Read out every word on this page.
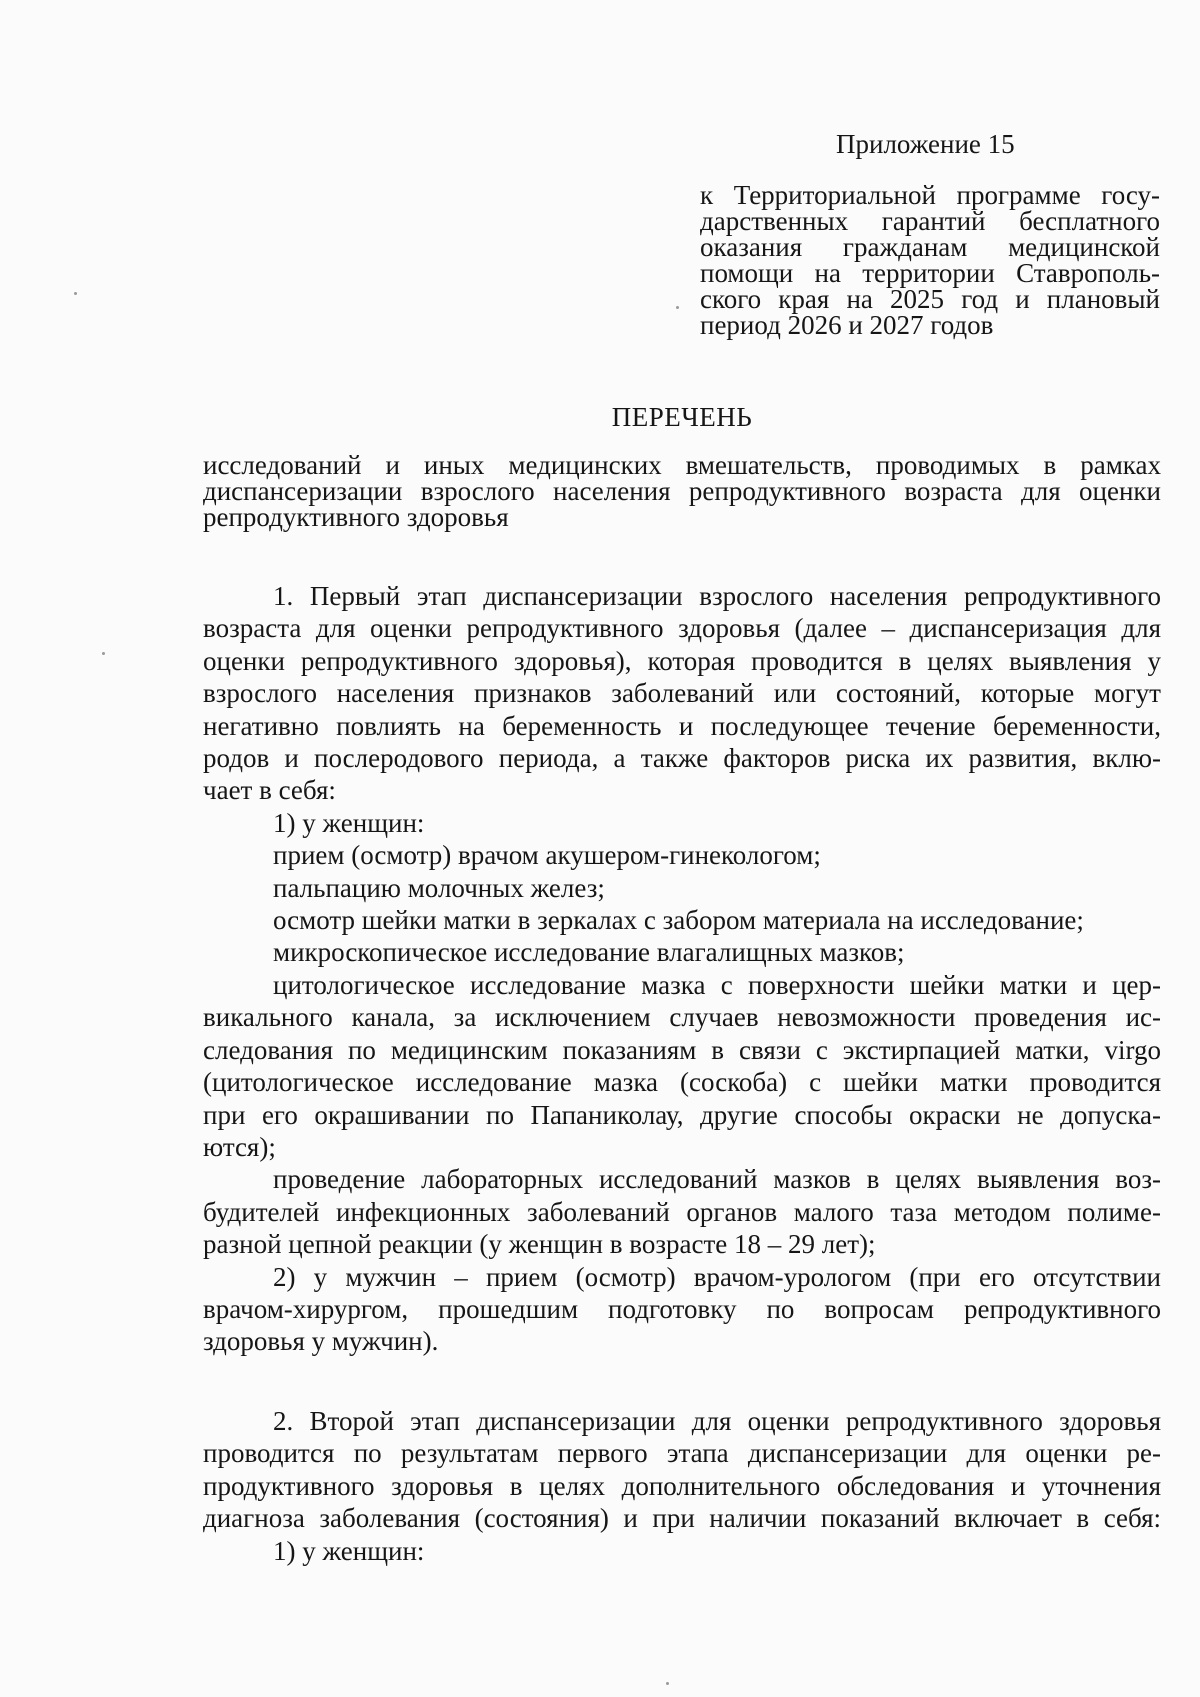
Приложение 15
к Территориальной программе госу-
дарственных гарантий бесплатного
оказания гражданам медицинской
помощи на территории Ставрополь-
ского края на 2025 год и плановый
период 2026 и 2027 годов
ПЕРЕЧЕНЬ
исследований и иных медицинских вмешательств, проводимых в рамках
диспансеризации взрослого населения репродуктивного возраста для оценки
репродуктивного здоровья
1. Первый этап диспансеризации взрослого населения репродуктивного
возраста для оценки репродуктивного здоровья (далее – диспансеризация для
оценки репродуктивного здоровья), которая проводится в целях выявления у
взрослого населения признаков заболеваний или состояний, которые могут
негативно повлиять на беременность и последующее течение беременности,
родов и послеродового периода, а также факторов риска их развития, вклю-
чает в себя:
1) у женщин:
прием (осмотр) врачом акушером-гинекологом;
пальпацию молочных желез;
осмотр шейки матки в зеркалах с забором материала на исследование;
микроскопическое исследование влагалищных мазков;
цитологическое исследование мазка с поверхности шейки матки и цер-
викального канала, за исключением случаев невозможности проведения ис-
следования по медицинским показаниям в связи с экстирпацией матки, virgo
(цитологическое исследование мазка (соскоба) с шейки матки проводится
при его окрашивании по Папаниколау, другие способы окраски не допуска-
ются);
проведение лабораторных исследований мазков в целях выявления воз-
будителей инфекционных заболеваний органов малого таза методом полиме-
разной цепной реакции (у женщин в возрасте 18 – 29 лет);
2) у мужчин – прием (осмотр) врачом-урологом (при его отсутствии
врачом-хирургом, прошедшим подготовку по вопросам репродуктивного
здоровья у мужчин).
2. Второй этап диспансеризации для оценки репродуктивного здоровья
проводится по результатам первого этапа диспансеризации для оценки ре-
продуктивного здоровья в целях дополнительного обследования и уточнения
диагноза заболевания (состояния) и при наличии показаний включает в себя:
1) у женщин:
